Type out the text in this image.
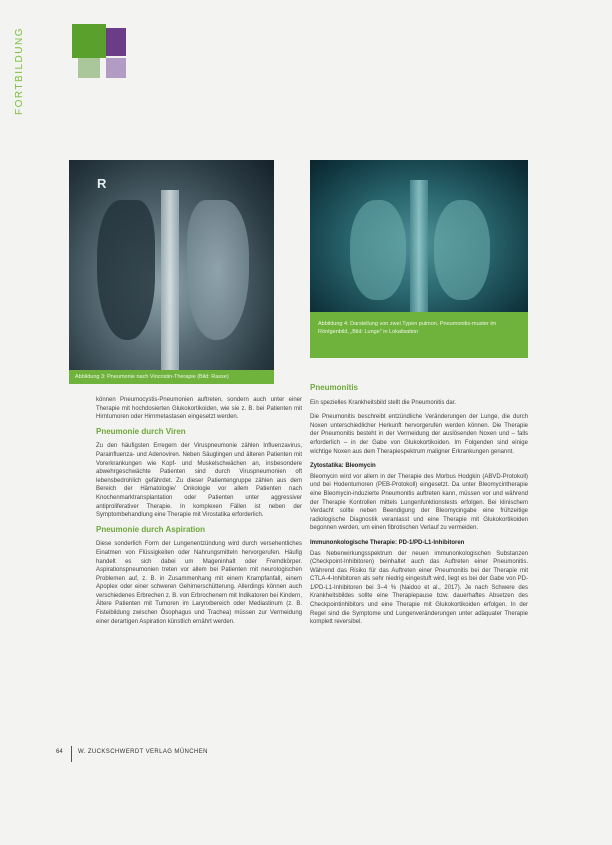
FORTBILDUNG
R
Abbildung 3: Pneumonie nach Vincristin-Therapie (Bild: Rasse)
Abbildung 4: Darstellung von zwei Typen pulmon. Pneumonitis-muster im Röntgenbild, „Bild: Lunge" in Lokalisation

können Pneumocystis-Pneumonien auftreten, sondern auch unter einer Therapie mit hochdosierten Glukokortikoiden, wie sie z. B. bei Patienten mit Hirntumoren oder Hirnmetastasen eingesetzt werden.

Pneumonie durch Viren

Zu den häufigsten Erregern der Viruspneumonie zählen Influenzavirus, Parainfluenza- und Adenoviren. Neben Säuglingen und älteren Patienten mit Vorerkrankungen wie Kopf- und Muskelschwächen an, insbesondere abwehrgeschwächte Patienten sind durch Viruspneumonien oft lebensbedrohlich gefährdet. Zu dieser Patientengruppe zählen aus dem Bereich der Hämatologie/ Onkologie vor allem Patienten nach Knochenmarktransplantation oder Patienten unter aggressiver antiproliferativer Therapie. In komplexen Fällen ist neben der Symptombehandlung eine Therapie mit Virostatika erforderlich.

Pneumonie durch Aspiration

Diese sonderlich Form der Lungenentzündung wird durch versehentliches Einatmen von Flüssigkeiten oder Nahrungsmitteln hervorgerufen. Häufig handelt es sich dabei um Mageninhalt oder Fremdkörper. Aspirationspneumonien treten vor allem bei Patienten mit neurologischen Problemen auf, z. B. in Zusammenhang mit einem Krampfanfall, einem Apoplex oder einer schweren Gehirnerschütterung. Allerdings können auch verschiedenes Erbrechen z. B. von Erbrochenem mit Indikatoren bei Kindern, Ältere Patienten mit Tumoren im Larynxbereich oder Mediastinum (z. B. Fisteibildung zwischen Ösophagus und Trachea) müssen zur Vermeidung einer derartigen Aspiration künstlich ernährt werden.

Pneumonitis

Ein spezielles Krankheitsbild stellt die Pneumonitis dar.

Die Pneumonitis beschreibt entzündliche Veränderungen der Lunge, die durch Noxen unterschiedlicher Herkunft hervorgerufen werden können. Die Therapie der Pneumonitis besteht in der Vermeidung der auslösenden Noxen und – falls erforderlich – in der Gabe von Glukokortikoiden. Im Folgenden sind einige wichtige Noxen aus dem Therapiespektrum maligner Erkrankungen genannt.

Zytostatika: Bleomycin

Bleomycin wird vor allem in der Therapie des Morbus Hodgkin (ABVD-Protokoll) und bei Hodentumoren (PEB-Protokoll) eingesetzt. Da unter Bleomycintherapie eine Bleomycin-induzierte Pneumonitis auftreten kann, müssen vor und während der Therapie Kontrollen mittels Lungenfunktionstests erfolgen. Bei klinischem Verdacht sollte neben Beendigung der Bleomycingabe eine frühzeitige radiologische Diagnostik veranlasst und eine Therapie mit Glukokortikoiden begonnen werden, um einen fibrotischen Verlauf zu vermeiden.

Immunonkologische Therapie: PD-1/PD-L1-Inhibitoren

Das Nebenwirkungsspektrum der neuen immunonkologischen Substanzen (Checkpoint-Inhibitoren) beinhaltet auch das Auftreten einer Pneumonitis. Während das Risiko für das Auftreten einer Pneumonitis bei der Therapie mit CTLA-4-Inhibitoren als sehr niedrig eingestuft wird, liegt es bei der Gabe von PD-1/PD-L1-Inhibitoren bei 3–4 % (Naidoo et al., 2017). Je nach Schwere des Krankheitsbildes sollte eine Therapiepause bzw. dauerhaftes Absetzen des Checkpointinhibitors und eine Therapie mit Glukokortikoiden erfolgen. In der Regel sind die Symptome und Lungenveränderungen unter adäquater Therapie komplett reversibel.

64	W. ZUCKSCHWERDT VERLAG MÜNCHEN
